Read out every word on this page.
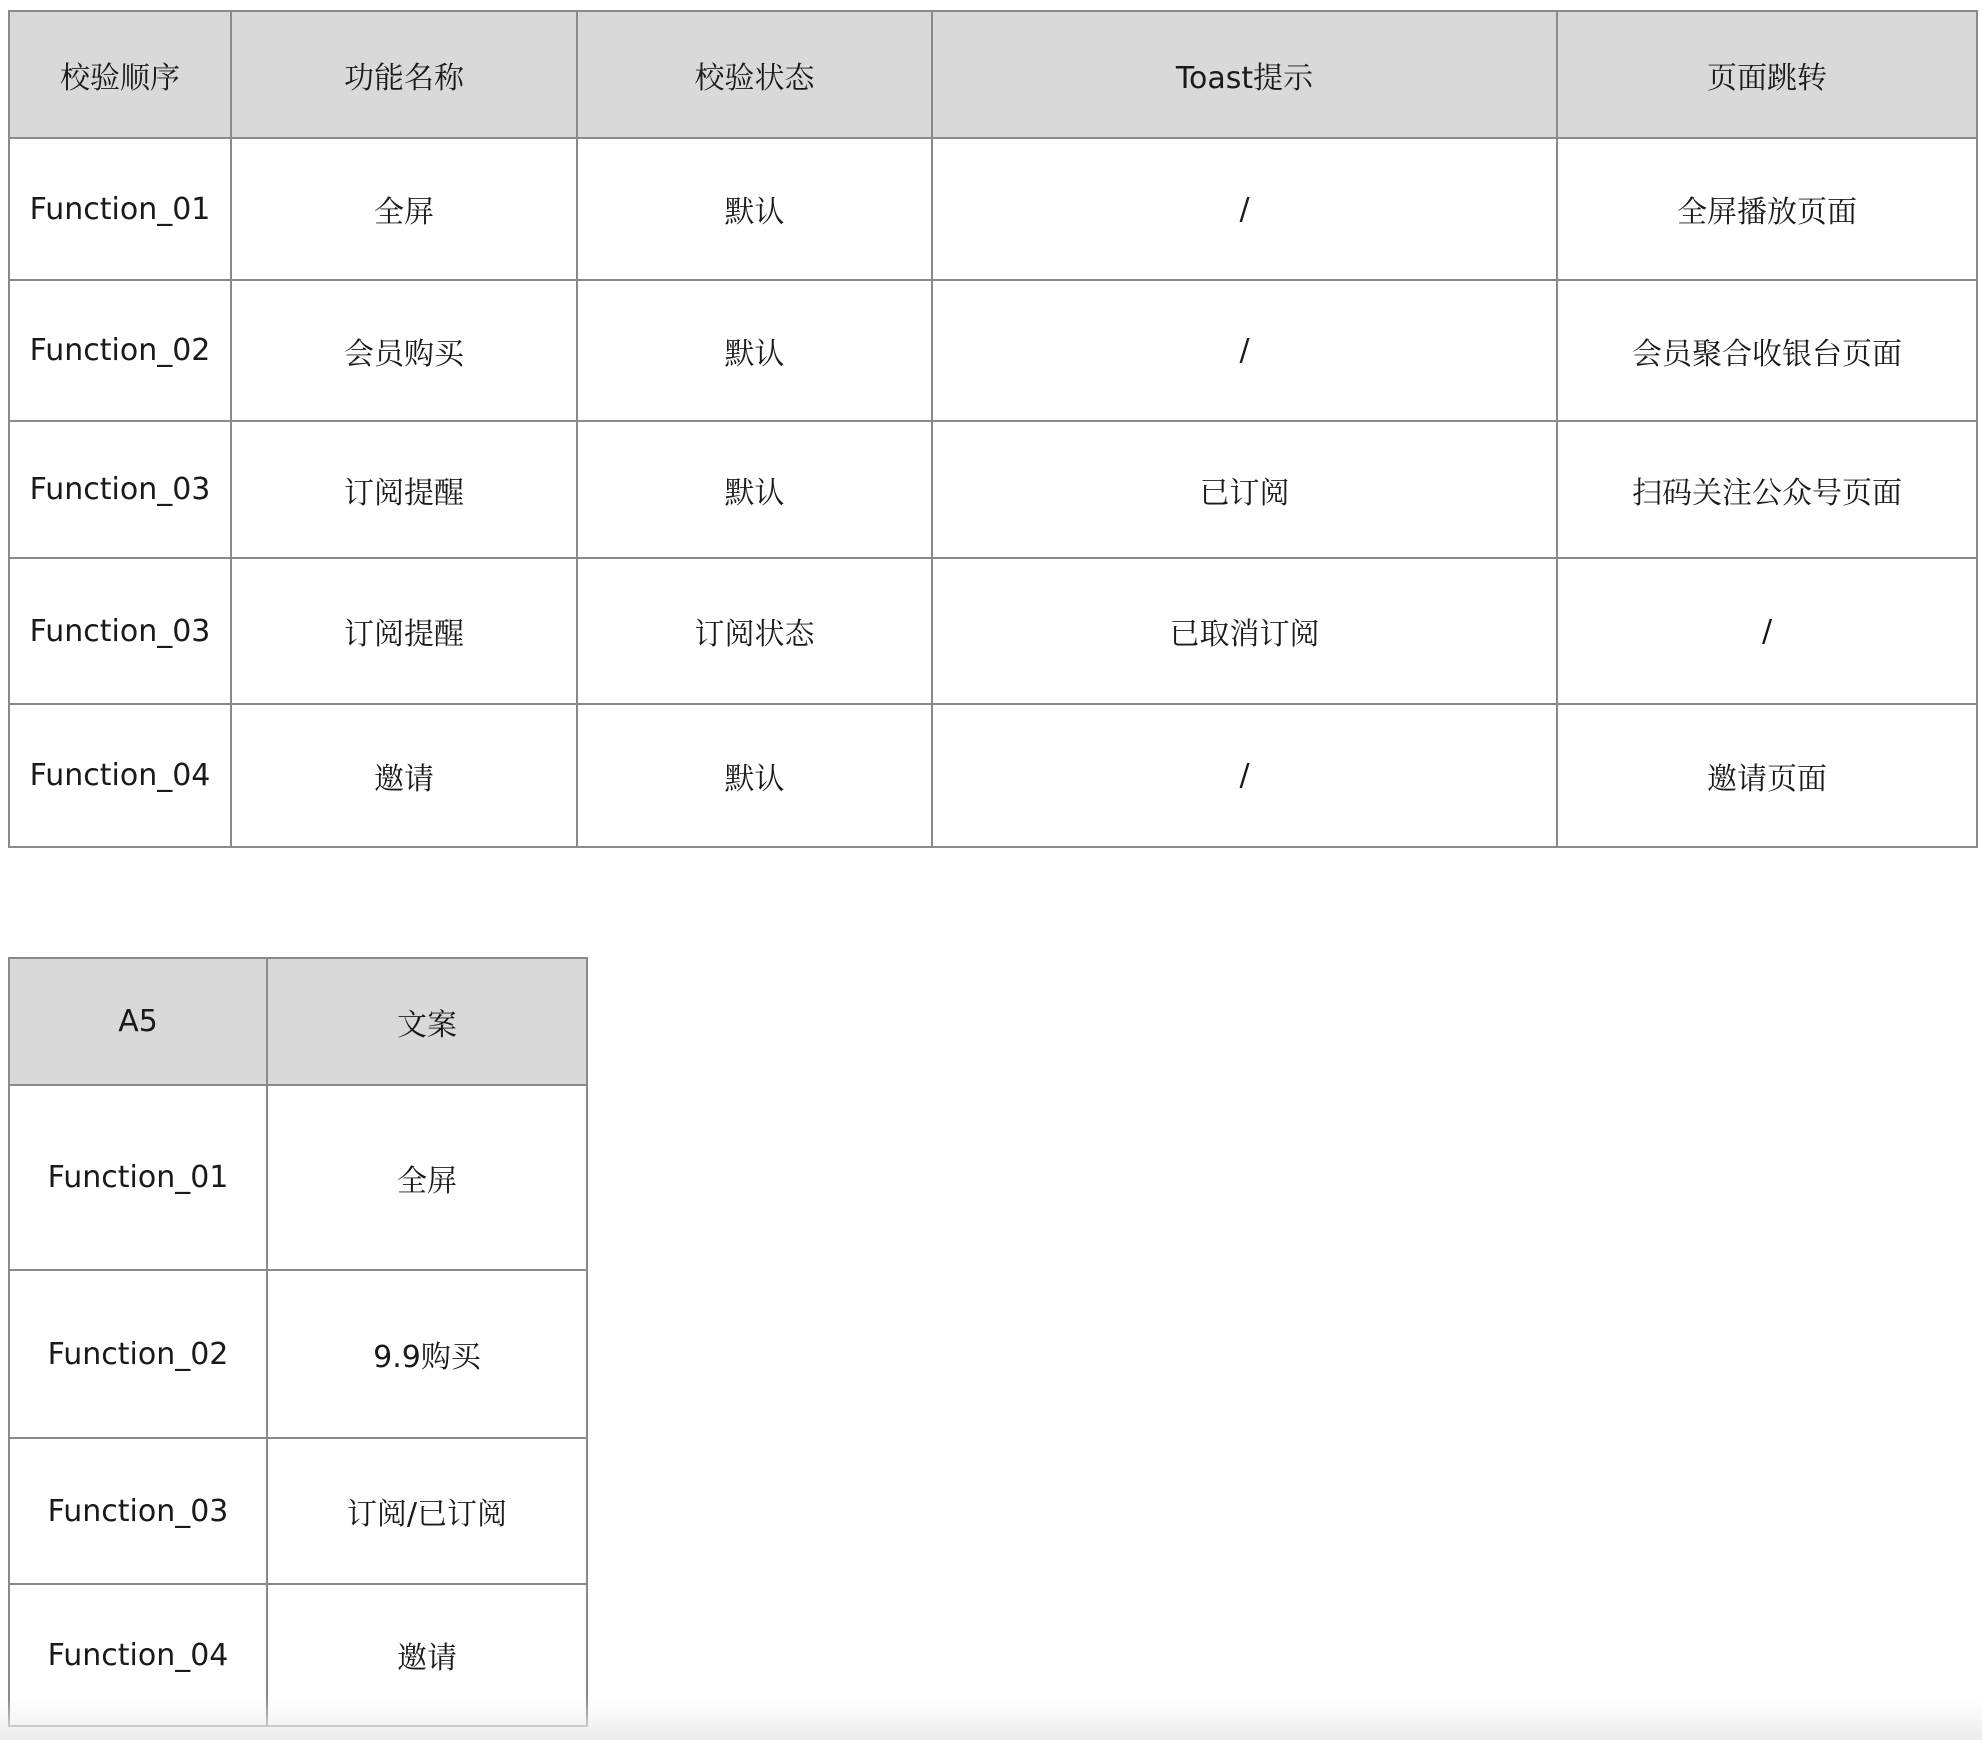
校验顺序	功能名称	校验状态	Toast提示	页面跳转
Function_01	全屏	默认	/	全屏播放页面
Function_02	会员购买	默认	/	会员聚合收银台页面
Function_03	订阅提醒	默认	已订阅	扫码关注公众号页面
Function_03	订阅提醒	订阅状态	已取消订阅	/
Function_04	邀请	默认	/	邀请页面
A5	文案
Function_01	全屏
Function_02	9.9购买
Function_03	订阅/已订阅
Function_04	邀请
